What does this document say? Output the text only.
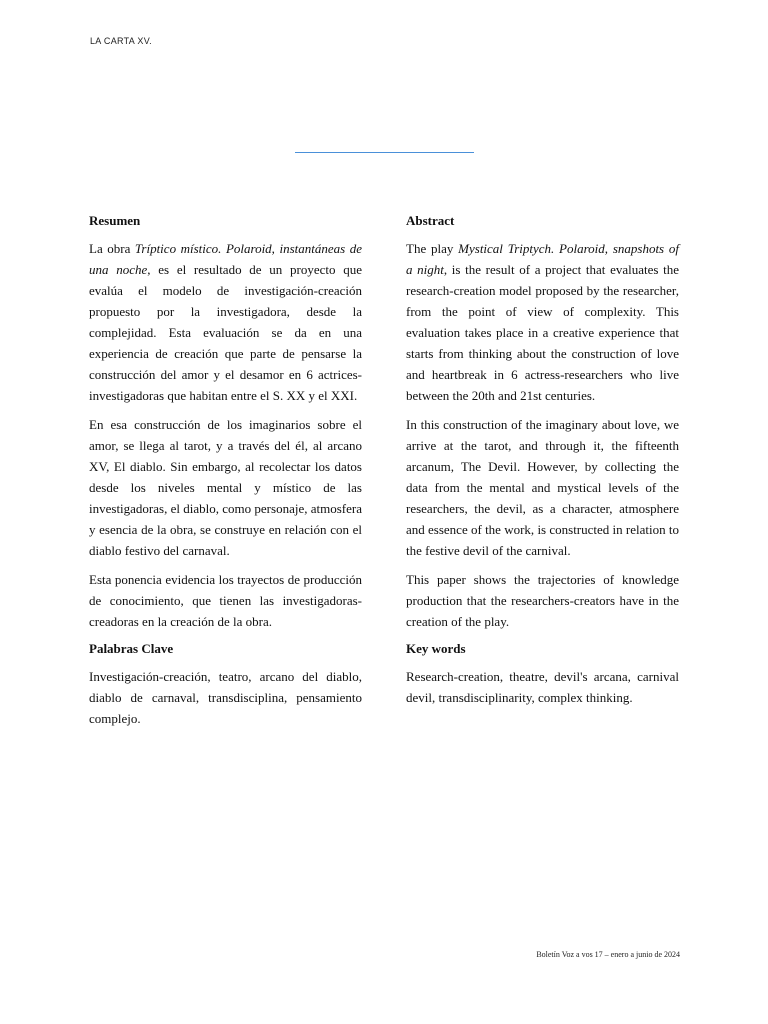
LA CARTA XV.
Resumen

La obra Tríptico místico. Polaroid, instantáneas de una noche, es el resultado de un proyecto que evalúa el modelo de investigación-creación propuesto por la investigadora, desde la complejidad. Esta evaluación se da en una experiencia de creación que parte de pensarse la construcción del amor y el desamor en 6 actrices-investigadoras que habitan entre el S. XX y el XXI.

En esa construcción de los imaginarios sobre el amor, se llega al tarot, y a través del él, al arcano XV, El diablo. Sin embargo, al recolectar los datos desde los niveles mental y místico de las investigadoras, el diablo, como personaje, atmosfera y esencia de la obra, se construye en relación con el diablo festivo del carnaval.

Esta ponencia evidencia los trayectos de producción de conocimiento, que tienen las investigadoras-creadoras en la creación de la obra.

Palabras Clave

Investigación-creación, teatro, arcano del diablo, diablo de carnaval, transdisciplina, pensamiento complejo.

Abstract

The play Mystical Triptych. Polaroid, snapshots of a night, is the result of a project that evaluates the research-creation model proposed by the researcher, from the point of view of complexity. This evaluation takes place in a creative experience that starts from thinking about the construction of love and heartbreak in 6 actress-researchers who live between the 20th and 21st centuries.

In this construction of the imaginary about love, we arrive at the tarot, and through it, the fifteenth arcanum, The Devil. However, by collecting the data from the mental and mystical levels of the researchers, the devil, as a character, atmosphere and essence of the work, is constructed in relation to the festive devil of the carnival.

This paper shows the trajectories of knowledge production that the researchers-creators have in the creation of the play.

Key words

Research-creation, theatre, devil's arcana, carnival devil, transdisciplinarity, complex thinking.

Boletín Voz a vos 17 – enero a junio de 2024
